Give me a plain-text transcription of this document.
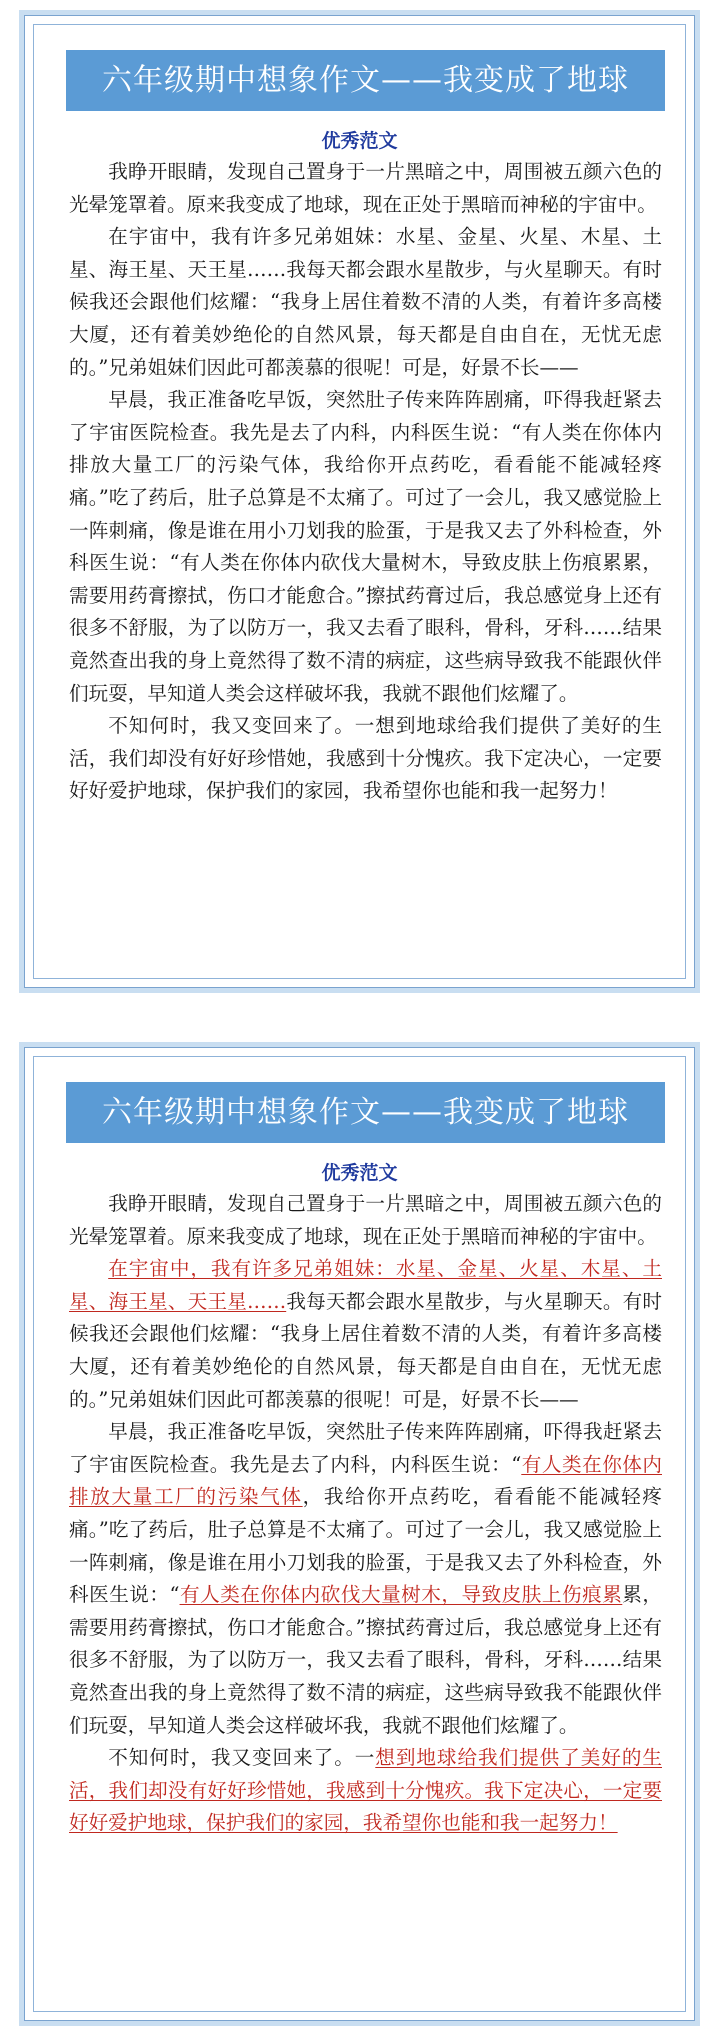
六年级期中想象作文——我变成了地球
优秀范文

我睁开眼睛，发现自己置身于一片黑暗之中，周围被五颜六色的光晕笼罩着。原来我变成了地球，现在正处于黑暗而神秘的宇宙中。

在宇宙中，我有许多兄弟姐妹：水星、金星、火星、木星、土星、海王星、天王星……我每天都会跟水星散步，与火星聊天。有时候我还会跟他们炫耀：“我身上居住着数不清的人类，有着许多高楼大厦，还有着美妙绝伦的自然风景，每天都是自由自在，无忧无虑的。”兄弟姐妹们因此可都羡慕的很呢！可是，好景不长——

早晨，我正准备吃早饭，突然肚子传来阵阵剧痛，吓得我赶紧去了宇宙医院检查。我先是去了内科，内科医生说：“有人类在你体内排放大量工厂的污染气体，我给你开点药吃，看看能不能减轻疼痛。”吃了药后，肚子总算是不太痛了。可过了一会儿，我又感觉脸上一阵刺痛，像是谁在用小刀划我的脸蛋，于是我又去了外科检查，外科医生说：“有人类在你体内砍伐大量树木，导致皮肤上伤痕累累，需要用药膏擦拭，伤口才能愈合。”擦拭药膏过后，我总感觉身上还有很多不舒服，为了以防万一，我又去看了眼科，骨科，牙科……结果竟然查出我的身上竟然得了数不清的病症，这些病导致我不能跟伙伴们玩耍，早知道人类会这样破坏我，我就不跟他们炫耀了。

不知何时，我又变回来了。一想到地球给我们提供了美好的生活，我们却没有好好珍惜她，我感到十分愧疚。我下定决心，一定要好好爱护地球，保护我们的家园，我希望你也能和我一起努力！

六年级期中想象作文——我变成了地球
优秀范文

我睁开眼睛，发现自己置身于一片黑暗之中，周围被五颜六色的光晕笼罩着。原来我变成了地球，现在正处于黑暗而神秘的宇宙中。

在宇宙中，我有许多兄弟姐妹：水星、金星、火星、木星、土星、海王星、天王星……我每天都会跟水星散步，与火星聊天。有时候我还会跟他们炫耀：“我身上居住着数不清的人类，有着许多高楼大厦，还有着美妙绝伦的自然风景，每天都是自由自在，无忧无虑的。”兄弟姐妹们因此可都羡慕的很呢！可是，好景不长——

早晨，我正准备吃早饭，突然肚子传来阵阵剧痛，吓得我赶紧去了宇宙医院检查。我先是去了内科，内科医生说：“有人类在你体内排放大量工厂的污染气体，我给你开点药吃，看看能不能减轻疼痛。”吃了药后，肚子总算是不太痛了。可过了一会儿，我又感觉脸上一阵刺痛，像是谁在用小刀划我的脸蛋，于是我又去了外科检查，外科医生说：“有人类在你体内砍伐大量树木，导致皮肤上伤痕累累，需要用药膏擦拭，伤口才能愈合。”擦拭药膏过后，我总感觉身上还有很多不舒服，为了以防万一，我又去看了眼科，骨科，牙科……结果竟然查出我的身上竟然得了数不清的病症，这些病导致我不能跟伙伴们玩耍，早知道人类会这样破坏我，我就不跟他们炫耀了。

不知何时，我又变回来了。一想到地球给我们提供了美好的生活，我们却没有好好珍惜她，我感到十分愧疚。我下定决心，一定要好好爱护地球，保护我们的家园，我希望你也能和我一起努力！
